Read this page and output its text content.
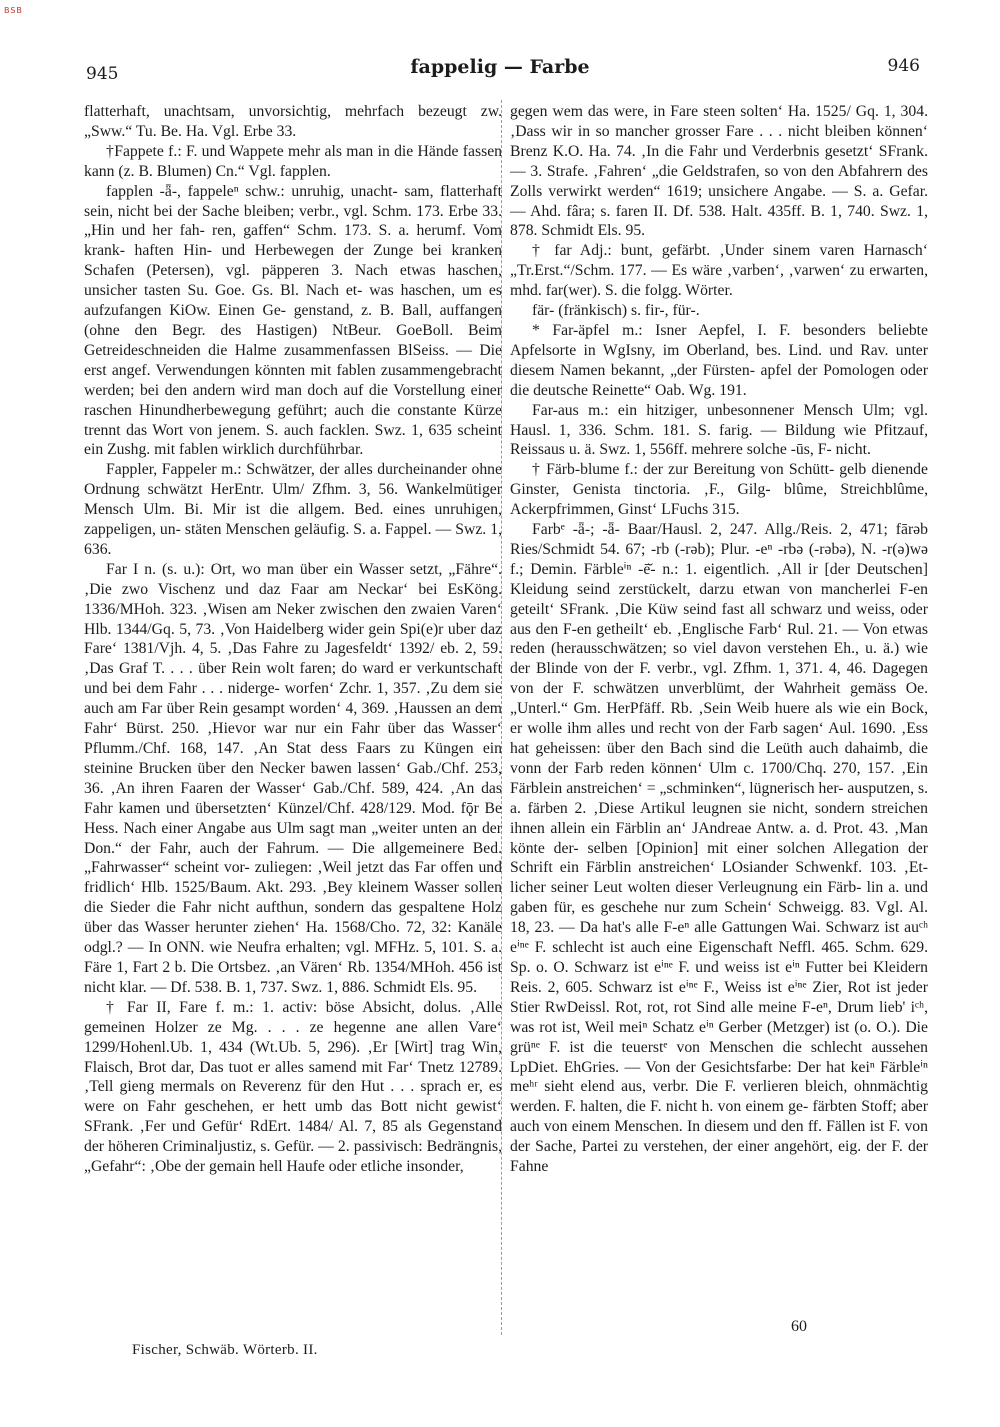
BSB
945	fappelig — Farbe	946

flatterhaft, unachtsam, unvorsichtig, mehrfach bezeugt zw. „Sww.“ Tu. Be. Ha. Vgl. Erbe 33.

†Fappete f.: F. und Wappete mehr als man in die Hände fassen kann (z. B. Blumen) Cn.“ Vgl. fapplen.

fapplen -ǟ-, fappeleⁿ schw.: unruhig, unacht- sam, flatterhaft sein, nicht bei der Sache bleiben; verbr., vgl. Schm. 173. Erbe 33. „Hin und her fah- ren, gaffen“ Schm. 173. S. a. herumf. Vom krank- haften Hin- und Herbewegen der Zunge bei kranken Schafen (Petersen), vgl. päpperen 3. Nach etwas haschen, unsicher tasten Su. Goe. Gs. Bl. Nach et- was haschen, um es aufzufangen KiOw. Einen Ge- genstand, z. B. Ball, auffangen (ohne den Begr. des Hastigen) NtBeur. GoeBoll. Beim Getreideschneiden die Halme zusammenfassen BlSeiss. — Die erst angef. Verwendungen könnten mit fablen zusammengebracht werden; bei den andern wird man doch auf die Vorstellung einer raschen Hinundherbewegung geführt; auch die constante Kürze trennt das Wort von jenem. S. auch facklen. Swz. 1, 635 scheint ein Zushg. mit fablen wirklich durchführbar.

Fappler, Fappeler m.: Schwätzer, der alles durcheinander ohne Ordnung schwätzt HerEntr. Ulm/ Zfhm. 3, 56. Wankelmütiger Mensch Ulm. Bi. Mir ist die allgem. Bed. eines unruhigen, zappeligen, un- stäten Menschen geläufig. S. a. Fappel. — Swz. 1, 636.

Far I n. (s. u.): Ort, wo man über ein Wasser setzt, „Fähre“. ‚Die zwo Vischenz und daz Faar am Neckar‘ bei EsKöng. 1336/MHoh. 323. ‚Wisen am Neker zwischen den zwaien Varen‘ Hlb. 1344/Gq. 5, 73. ‚Von Haidelberg wider gein Spi(e)r uber daz Fare‘ 1381/Vjh. 4, 5. ‚Das Fahre zu Jagesfeldt‘ 1392/ eb. 2, 59. ‚Das Graf T. . . . über Rein wolt faren; do ward er verkuntschaft und bei dem Fahr . . . niderge- worfen‘ Zchr. 1, 357. ‚Zu dem sie auch am Far über Rein gesampt worden‘ 4, 369. ‚Haussen an dem Fahr‘ Bürst. 250. ‚Hievor war nur ein Fahr über das Wasser‘ Pflumm./Chf. 168, 147. ‚An Stat dess Faars zu Küngen ein steinine Brucken über den Necker bawen lassen‘ Gab./Chf. 253, 36. ‚An ihren Faaren der Wasser‘ Gab./Chf. 589, 424. ‚An das Fahr kamen und übersetzten‘ Künzel/Chf. 428/129. Mod. fǭr Be Hess. Nach einer Angabe aus Ulm sagt man „weiter unten an der Don.“ der Fahr, auch der Fahrum. — Die allgemeinere Bed. „Fahrwasser“ scheint vor- zuliegen: ‚Weil jetzt das Far offen und fridlich‘ Hlb. 1525/Baum. Akt. 293. ‚Bey kleinem Wasser sollen die Sieder die Fahr nicht aufthun, sondern das gespaltene Holz über das Wasser herunter ziehen‘ Ha. 1568/Cho. 72, 32: Kanäle odgl.? — In ONN. wie Neufra erhalten; vgl. MFHz. 5, 101. S. a. Färe 1, Fart 2 b. Die Ortsbez. ‚an Vären‘ Rb. 1354/MHoh. 456 ist nicht klar. — Df. 538. B. 1, 737. Swz. 1, 886. Schmidt Els. 95.

† Far II, Fare f. m.: 1. activ: böse Absicht, dolus. ‚Alle gemeinen Holzer ze Mg. . . . ze hegenne ane allen Vare‘ 1299/Hohenl.Ub. 1, 434 (Wt.Ub. 5, 296). ‚Er [Wirt] trag Win, Flaisch, Brot dar, Das tuot er alles samend mit Far‘ Tnetz 12789. ‚Tell gieng mermals on Reverenz für den Hut . . . sprach er, es were on Fahr geschehen, er hett umb das Bott nicht gewist‘ SFrank. ‚Fer und Gefür‘ RdErt. 1484/ Al. 7, 85 als Gegenstand der höheren Criminaljustiz, s. Gefür. — 2. passivisch: Bedrängnis, „Gefahr“: ‚Obe der gemain hell Haufe oder etliche insonder,

gegen wem das were, in Fare steen solten‘ Ha. 1525/ Gq. 1, 304. ‚Dass wir in so mancher grosser Fare . . . nicht bleiben können‘ Brenz K.O. Ha. 74. ‚In die Fahr und Verderbnis gesetzt‘ SFrank. — 3. Strafe. ‚Fahren‘ „die Geldstrafen, so von den Abfahrern des Zolls verwirkt werden“ 1619; unsichere Angabe. — S. a. Gefar. — Ahd. fâra; s. faren II. Df. 538. Halt. 435ff. B. 1, 740. Swz. 1, 878. Schmidt Els. 95.

† far Adj.: bunt, gefärbt. ‚Under sinem varen Harnasch‘ „Tr.Erst.“/Schm. 177. — Es wäre ‚varben‘, ‚varwen‘ zu erwarten, mhd. far(wer). S. die folgg. Wörter.

fär- (fränkisch) s. fir-, für-.

* Far-äpfel m.: Isner Aepfel, I. F. besonders beliebte Apfelsorte in WgIsny, im Oberland, bes. Lind. und Rav. unter diesem Namen bekannt, „der Fürsten- apfel der Pomologen oder die deutsche Reinette“ Oab. Wg. 191.

Far-aus m.: ein hitziger, unbesonnener Mensch Ulm; vgl. Hausl. 1, 336. Schm. 181. S. farig. — Bildung wie Pfitzauf, Reissaus u. ä. Swz. 1, 556ff. mehrere solche -ūs, F- nicht.

† Färb-blume f.: der zur Bereitung von Schütt- gelb dienende Ginster, Genista tinctoria. ‚F., Gilg- blûme, Streichblûme, Ackerpfrimmen, Ginst‘ LFuchs 315.

Farbᵉ -ǟ-; -ǟ- Baar/Hausl. 2, 247. Allg./Reis. 2, 471; fārəb Ries/Schmidt 54. 67; -rb (-rəb); Plur. -eⁿ -rbə (-rəbə), N. -r(ə)wə f.; Demin. Färbleⁱⁿ -ē̆- n.: 1. eigentlich. ‚All ir [der Deutschen] Kleidung seind zerstückelt, darzu etwan von mancherlei F-en geteilt‘ SFrank. ‚Die Küw seind fast all schwarz und weiss, oder aus den F-en getheilt‘ eb. ‚Englische Farb‘ Rul. 21. — Von etwas reden (herausschwätzen; so viel davon verstehen Eh., u. ä.) wie der Blinde von der F. verbr., vgl. Zfhm. 1, 371. 4, 46. Dagegen von der F. schwätzen unverblümt, der Wahrheit gemäss Oe. „Unterl.“ Gm. HerPfäff. Rb. ‚Sein Weib huere als wie ein Bock, er wolle ihm alles und recht von der Farb sagen‘ Aul. 1690. ‚Ess hat geheissen: über den Bach sind die Leüth auch dahaimb, die vonn der Farb reden können‘ Ulm c. 1700/Chq. 270, 157. ‚Ein Färblein anstreichen‘ = „schminken“, lügnerisch her- ausputzen, s. a. färben 2. ‚Diese Artikul leugnen sie nicht, sondern streichen ihnen allein ein Färblin an‘ JAndreae Antw. a. d. Prot. 43. ‚Man könte der- selben [Opinion] mit einer solchen Allegation der Schrift ein Färblin anstreichen‘ LOsiander Schwenkf. 103. ‚Et- licher seiner Leut wolten dieser Verleugnung ein Färb- lin a. und gaben für, es geschehe nur zum Schein‘ Schweigg. 83. Vgl. Al. 18, 23. — Da hat's alle F-eⁿ alle Gattungen Wai. Schwarz ist auᶜʰ eⁱⁿᵉ F. schlecht ist auch eine Eigenschaft Neffl. 465. Schm. 629. Sp. o. O. Schwarz ist eⁱⁿᵉ F. und weiss ist eⁱⁿ Futter bei Kleidern Reis. 2, 605. Schwarz ist eⁱⁿᵉ F., Weiss ist eⁱⁿᵉ Zier, Rot ist jeder Stier RwDeissl. Rot, rot, rot Sind alle meine F-eⁿ, Drum lieb' iᶜʰ, was rot ist, Weil meiⁿ Schatz eⁱⁿ Gerber (Metzger) ist (o. O.). Die grüⁿᵉ F. ist die teuerstᵉ von Menschen die schlecht aussehen LpDiet. EhGries. — Von der Gesichtsfarbe: Der hat keiⁿ Färbleⁱⁿ meʰʳ sieht elend aus, verbr. Die F. verlieren bleich, ohnmächtig werden. F. halten, die F. nicht h. von einem ge- färbten Stoff; aber auch von einem Menschen. In diesem und den ff. Fällen ist F. von der Sache, Partei zu verstehen, der einer angehört, eig. der F. der Fahne

60
Fischer, Schwäb. Wörterb. II.
